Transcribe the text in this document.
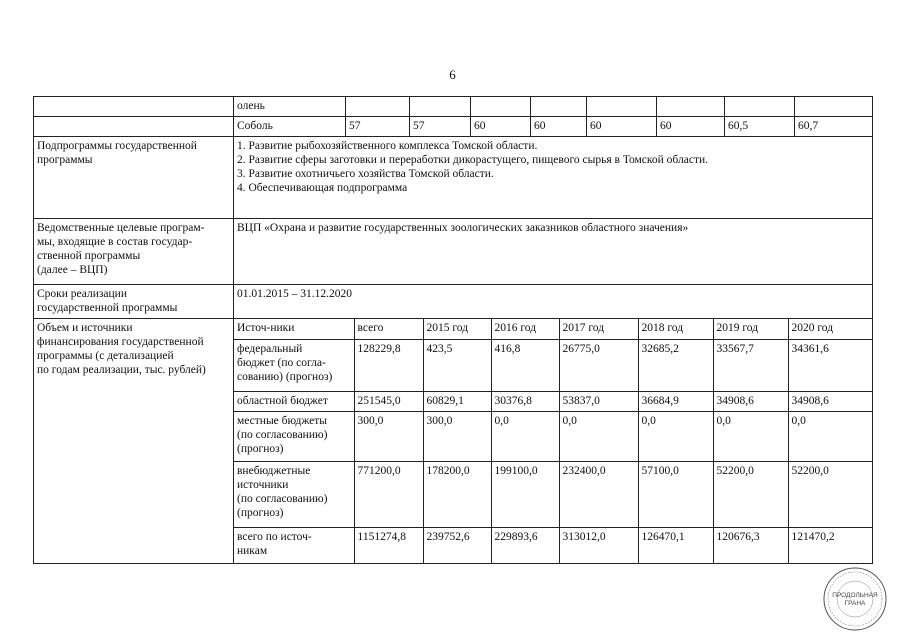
6
	олень								
	Соболь	57	57	60	60	60	60	60,5	60,7
Подпрограммы государственной программы	
1. Развитие рыбохозяйственного комплекса Томской области.
2. Развитие сферы заготовки и переработки дикорастущего, пищевого сырья в Томской области.
3. Развитие охотничьего хозяйства Томской области.
4. Обеспечивающая подпрограмма

Ведомственные целевые програм-
мы, входящие в состав государ-
ственной программы
(далее – ВЦП)	ВЦП «Охрана и развитие государственных зоологических заказников областного значения»
Сроки реализации
государственной программы	01.01.2015 – 31.12.2020
Объем и источники
финансирования государственной
программы (с детализацией
по годам реализации, тыс. рублей)	
Источ-ники	всего	2015 год	2016 год	2017 год	2018 год	2019 год	2020 год
федеральный
бюджет (по согла-
сованию) (прогноз)	128229,8	423,5	416,8	26775,0	32685,2	33567,7	34361,6
областной бюджет	251545,0	60829,1	30376,8	53837,0	36684,9	34908,6	34908,6
местные бюджеты
(по согласованию)
(прогноз)	300,0	300,0	0,0	0,0	0,0	0,0	0,0
внебюджетные
источники
(по согласованию)
(прогноз)	771200,0	178200,0	199100,0	232400,0	57100,0	52200,0	52200,0
всего по источ-
никам	1151274,8	239752,6	229893,6	313012,0	126470,1	120676,3	121470,2
ПРОДОЛЬНАЯ
ГРАНА
